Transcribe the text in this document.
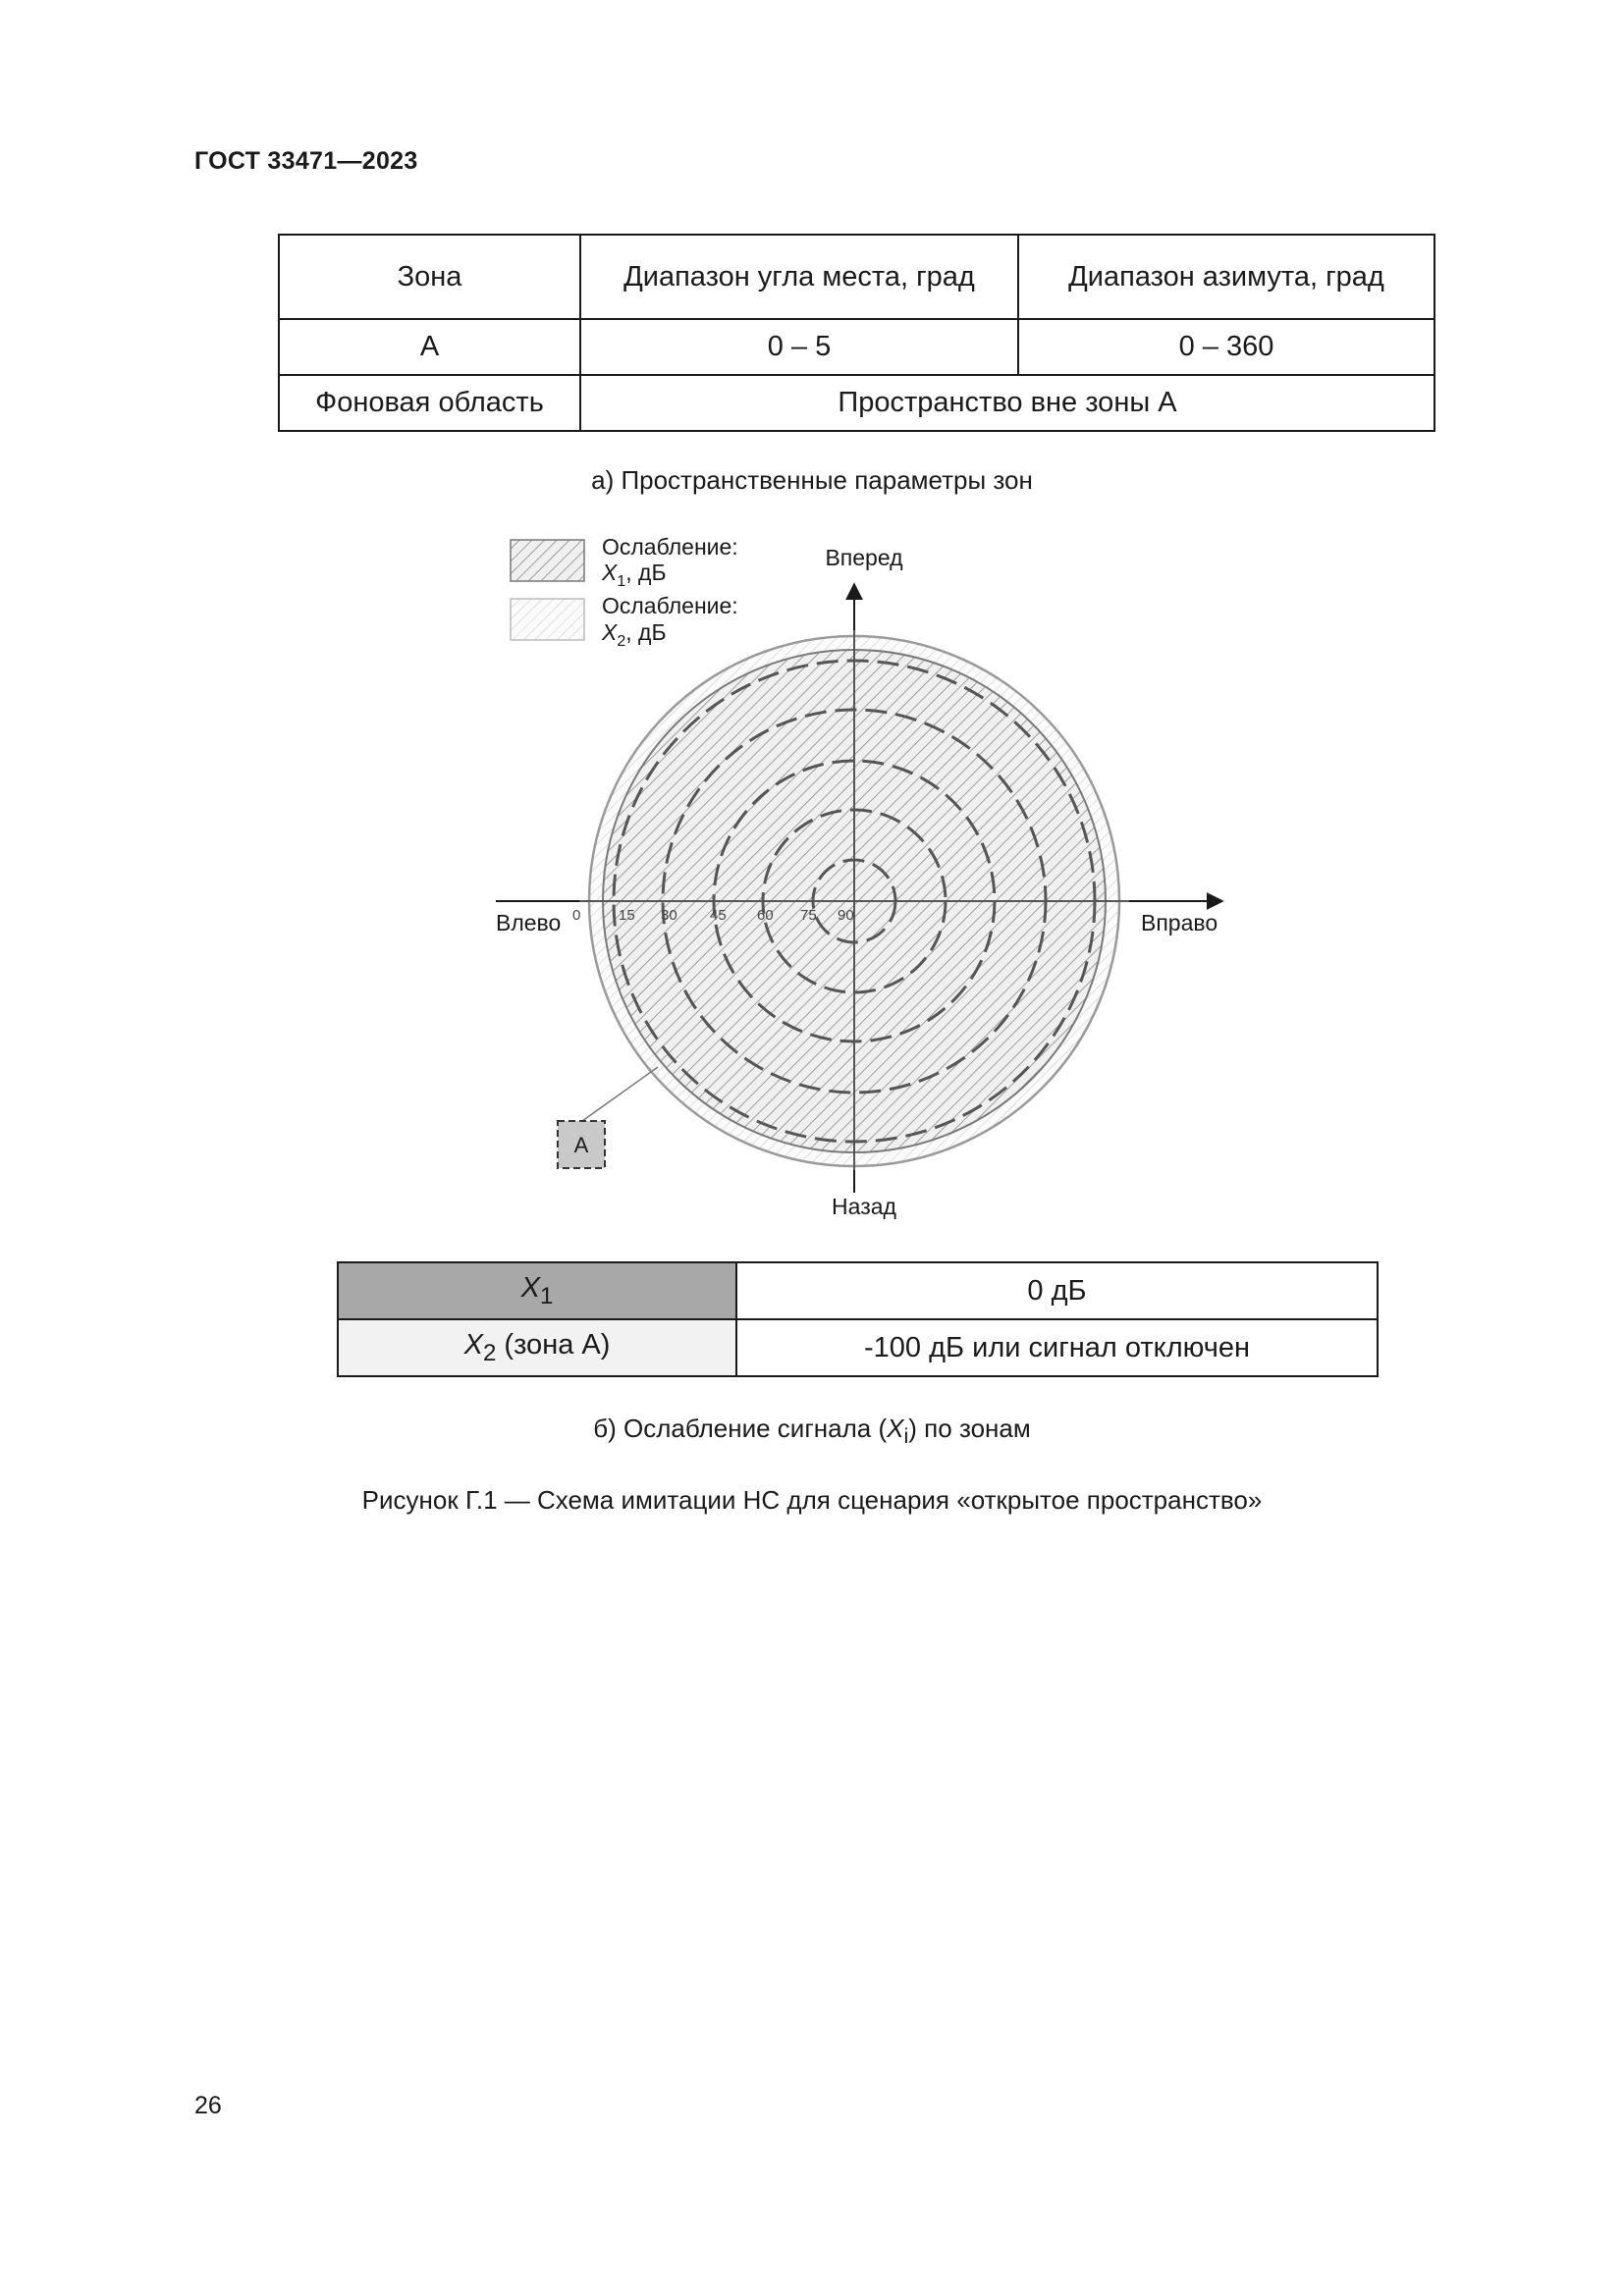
ГОСТ 33471—2023
Зона	Диапазон угла места, град	Диапазон азимута, град
А	0 – 5	0 – 360
Фоновая область	Пространство вне зоны А	
а) Пространственные параметры зон
Ослабление:
$X_1$, дБ
Ослабление:
$X_2$, дБ
Вперед
Назад
Влево	Вправо
0	15 30 45 60 75 90
А
$X_1$	0 дБ
$X_2$ (зона А)	-100 дБ или сигнал отключен
б) Ослабление сигнала $(X_i)$ по зонам
Рисунок Г.1 — Схема имитации НС для сценария «открытое пространство»
26
